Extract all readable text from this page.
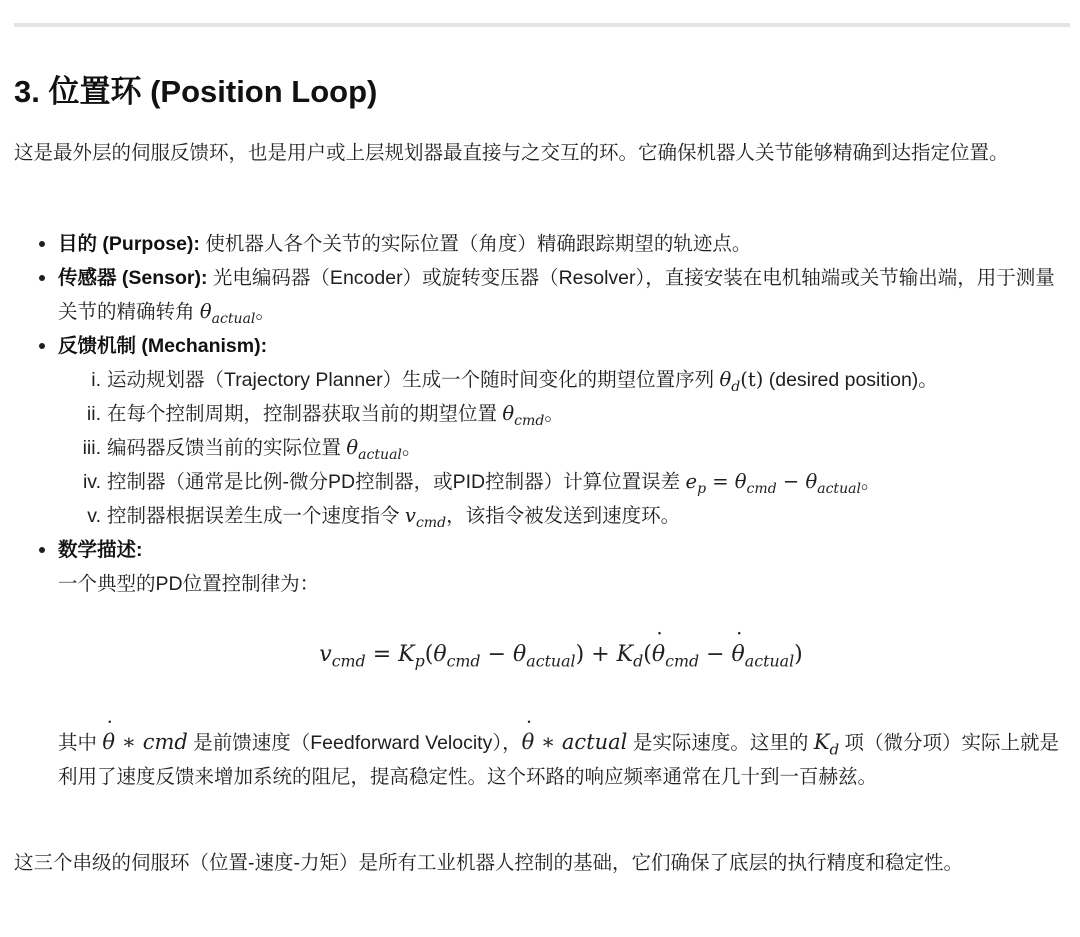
3. 位置环 (Position Loop)

这是最外层的伺服反馈环，也是用户或上层规划器最直接与之交互的环。它确保机器人关节能够精确到达指定位置。

目的 (Purpose): 使机器人各个关节的实际位置（角度）精确跟踪期望的轨迹点。
传感器 (Sensor): 光电编码器（Encoder）或旋转变压器（Resolver），直接安装在电机轴端或关节输出端，用于测量关节的精确转角 $\theta_{actual}$。
反馈机制 (Mechanism):
i. 运动规划器（Trajectory Planner）生成一个随时间变化的期望位置序列 $\theta_d(t)$ (desired position)。
ii. 在每个控制周期，控制器获取当前的期望位置 $\theta_{cmd}$。
iii. 编码器反馈当前的实际位置 $\theta_{actual}$。
iv. 控制器（通常是比例-微分PD控制器，或PID控制器）计算位置误差 $e_p = \theta_{cmd} - \theta_{actual}$。
v. 控制器根据误差生成一个速度指令 $v_{cmd}$，该指令被发送到速度环。
数学描述:
一个典型的PD位置控制律为：
$v_{cmd} = K_p(\theta_{cmd} - \theta_{actual}) + K_d(\theta$ $˙_{cmd} - \theta$ $˙_{actual}$)
其中 θ ˙ ∗ cmd 是前馈速度（Feedforward Velocity），θ ˙ ∗ actual 是实际速度。这里的 $K_d$ 项（微分项）实际上就是利用了速度反馈来增加系统的阻尼，提高稳定性。这个环路的响应频率通常在几十到一百赫兹。

这三个串级的伺服环（位置-速度-力矩）是所有工业机器人控制的基础，它们确保了底层的执行精度和稳定性。
